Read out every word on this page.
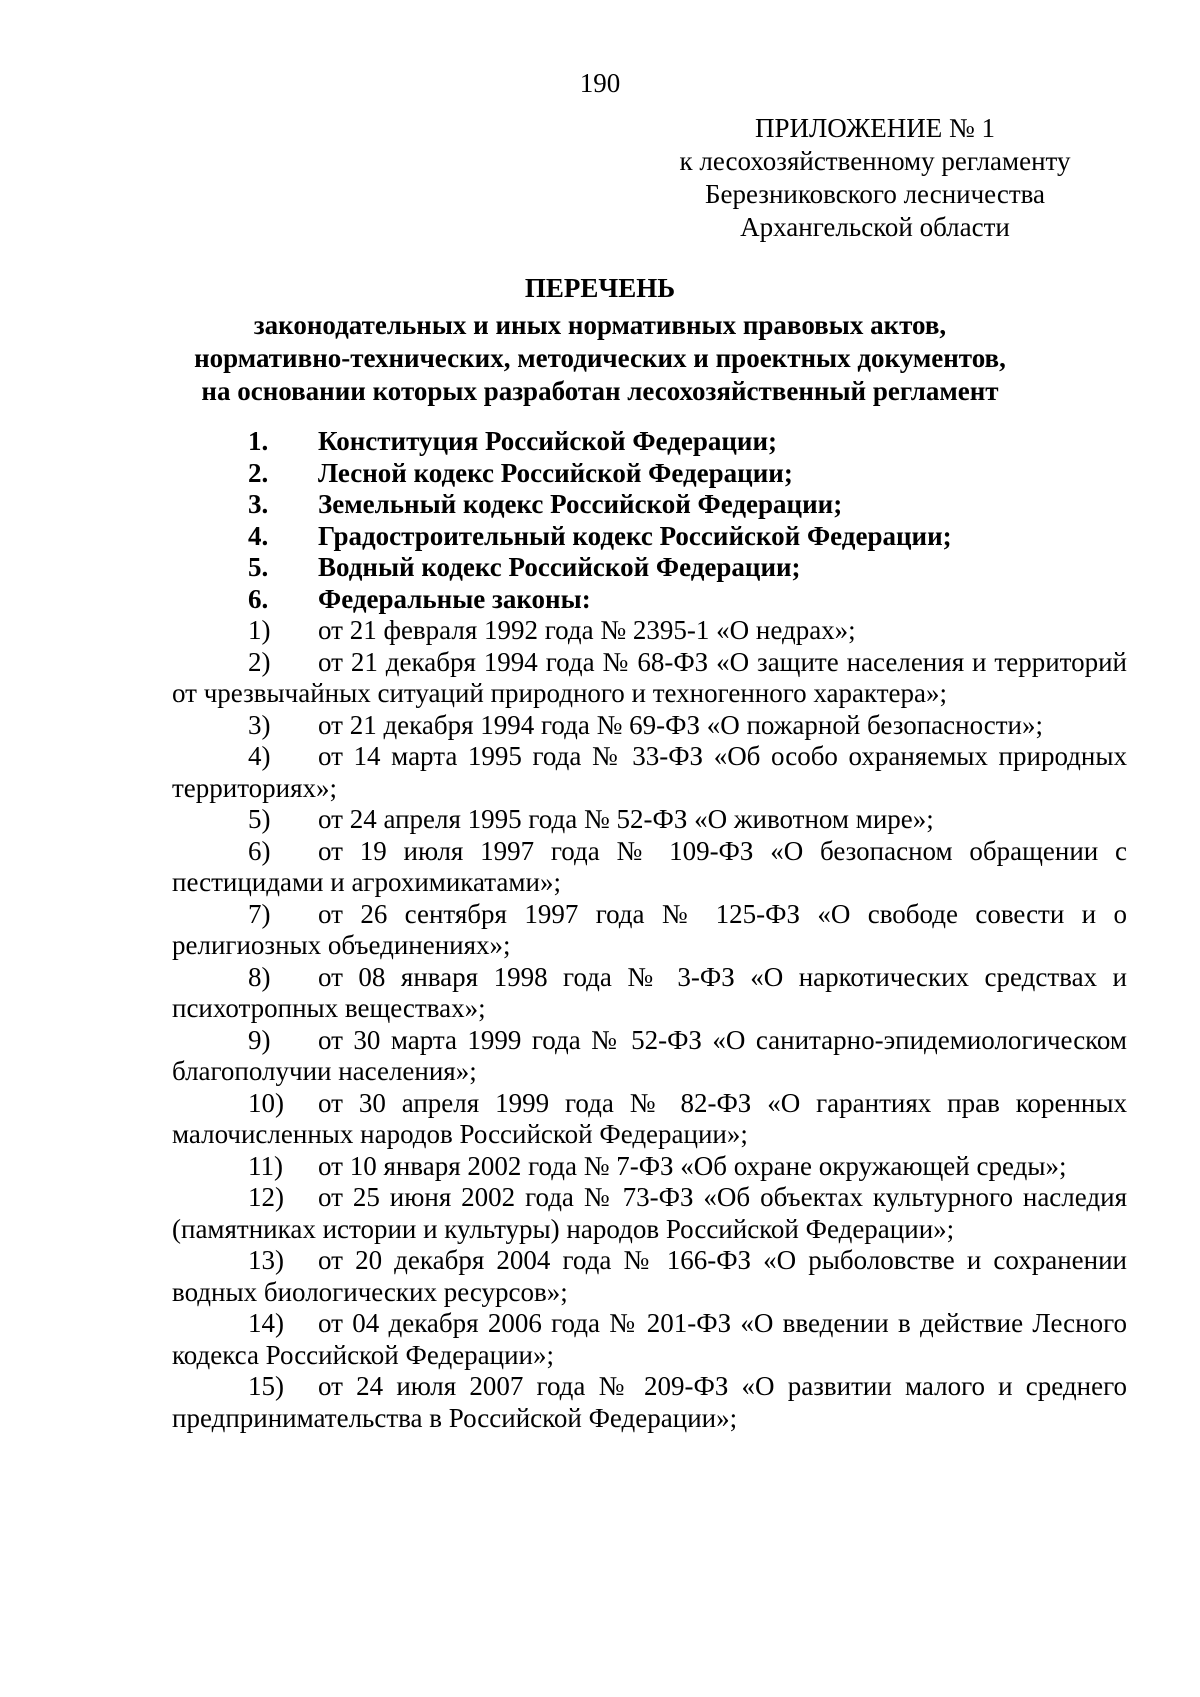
190
ПРИЛОЖЕНИЕ № 1
к лесохозяйственному регламенту
Березниковского лесничества
Архангельской области
ПЕРЕЧЕНЬ
законодательных и иных нормативных правовых актов,
нормативно-технических, методических и проектных документов,
на основании которых разработан лесохозяйственный регламент

1. Конституция Российской Федерации;

2. Лесной кодекс Российской Федерации;

3. Земельный кодекс Российской Федерации;

4. Градостроительный кодекс Российской Федерации;

5. Водный кодекс Российской Федерации;

6. Федеральные законы:

1) от 21 февраля 1992 года № 2395-1 «О недрах»;

2) от 21 декабря 1994 года № 68-ФЗ «О защите населения и территорий от чрезвычайных ситуаций природного и техногенного характера»;

3) от 21 декабря 1994 года № 69-ФЗ «О пожарной безопасности»;

4) от 14 марта 1995 года № 33-ФЗ «Об особо охраняемых природных территориях»;

5) от 24 апреля 1995 года № 52-ФЗ «О животном мире»;

6) от 19 июля 1997 года № 109-ФЗ «О безопасном обращении с пестицидами и агрохимикатами»;

7) от 26 сентября 1997 года № 125-ФЗ «О свободе совести и о религиозных объединениях»;

8) от 08 января 1998 года № 3-ФЗ «О наркотических средствах и психотропных веществах»;

9) от 30 марта 1999 года № 52-ФЗ «О санитарно-эпидемиологическом благополучии населения»;

10) от 30 апреля 1999 года № 82-ФЗ «О гарантиях прав коренных малочисленных народов Российской Федерации»;

11) от 10 января 2002 года № 7-ФЗ «Об охране окружающей среды»;

12) от 25 июня 2002 года № 73-ФЗ «Об объектах культурного наследия (памятниках истории и культуры) народов Российской Федерации»;

13) от 20 декабря 2004 года № 166-ФЗ «О рыболовстве и сохранении водных биологических ресурсов»;

14) от 04 декабря 2006 года № 201-ФЗ «О введении в действие Лесного кодекса Российской Федерации»;

15) от 24 июля 2007 года № 209-ФЗ «О развитии малого и среднего предпринимательства в Российской Федерации»;
